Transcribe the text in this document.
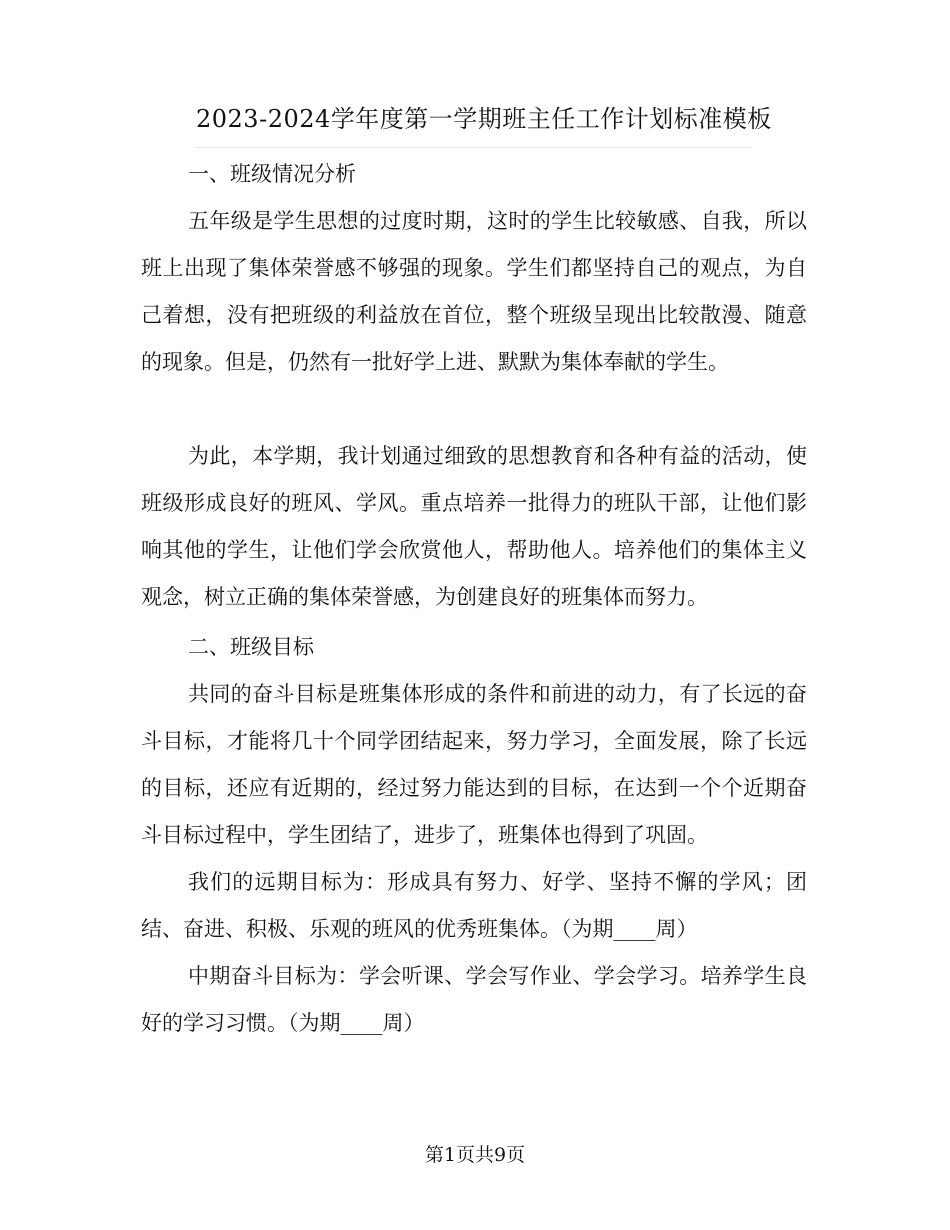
2023-2024学年度第一学期班主任工作计划标准模板
一、班级情况分析
五年级是学生思想的过度时期，这时的学生比较敏感、自我，所以班上出现了集体荣誉感不够强的现象。学生们都坚持自己的观点，为自己着想，没有把班级的利益放在首位，整个班级呈现出比较散漫、随意的现象。但是，仍然有一批好学上进、默默为集体奉献的学生。
为此，本学期，我计划通过细致的思想教育和各种有益的活动，使班级形成良好的班风、学风。重点培养一批得力的班队干部，让他们影响其他的学生，让他们学会欣赏他人，帮助他人。培养他们的集体主义观念，树立正确的集体荣誉感，为创建良好的班集体而努力。
二、班级目标
共同的奋斗目标是班集体形成的条件和前进的动力，有了长远的奋斗目标，才能将几十个同学团结起来，努力学习，全面发展，除了长远的目标，还应有近期的，经过努力能达到的目标，在达到一个个近期奋斗目标过程中，学生团结了，进步了，班集体也得到了巩固。
我们的远期目标为：形成具有努力、好学、坚持不懈的学风；团结、奋进、积极、乐观的班风的优秀班集体。（为期____周）
中期奋斗目标为：学会听课、学会写作业、学会学习。培养学生良好的学习习惯。（为期____周）
第1页共9页
